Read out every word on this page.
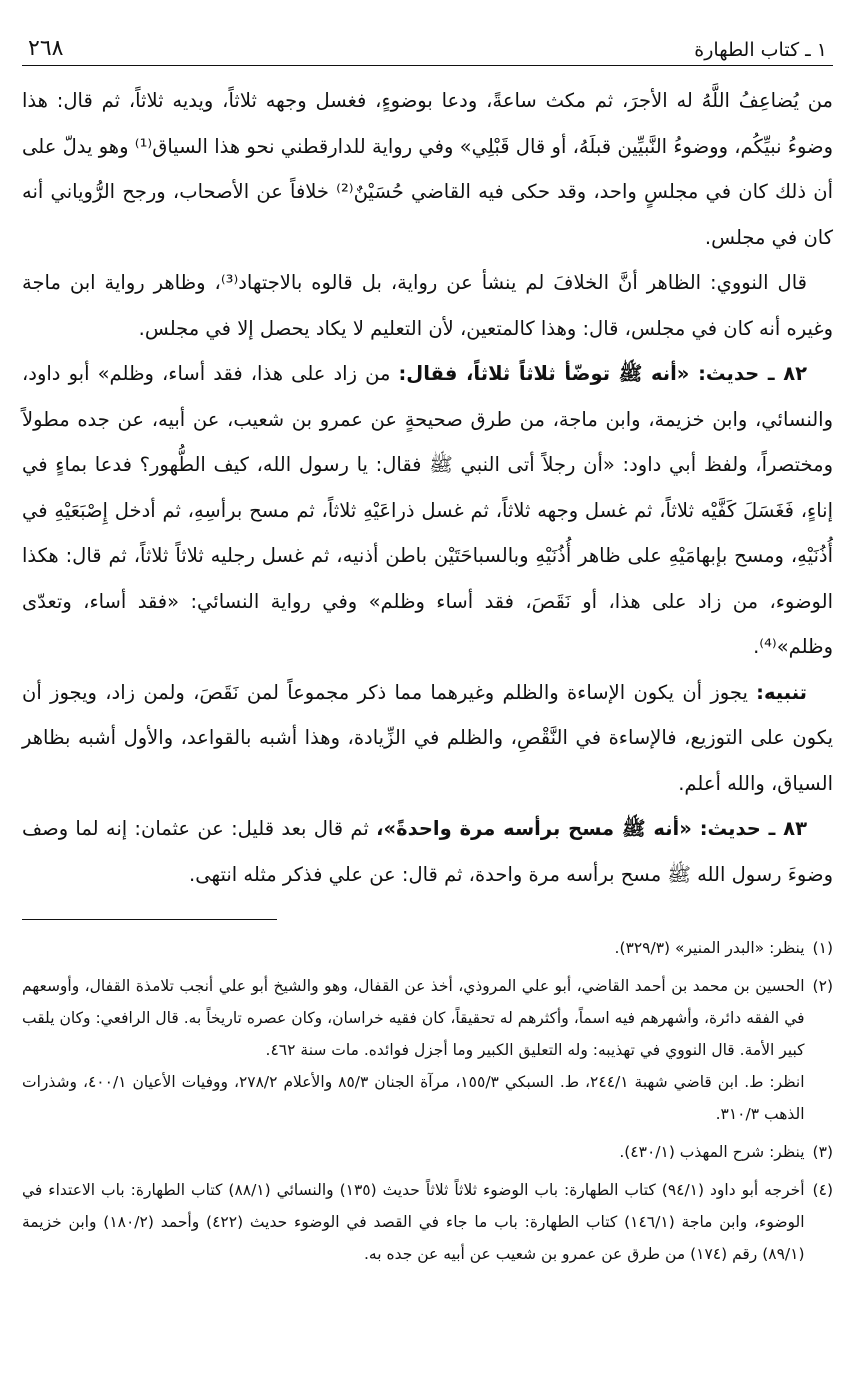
١ ـ كتاب الطهارة
٢٦٨

من يُضاعِفُ اللَّهُ له الأجرَ، ثم مكث ساعةً، ودعا بوضوءٍ، فغسل وجهه ثلاثاً، ويديه ثلاثاً، ثم قال: هذا وضوءُ نبيِّكُم، ووضوءُ النَّبيِّين قبلَهُ، أو قال قَبْلِي» وفي رواية للدارقطني نحو هذا السياق⁽¹⁾ وهو يدلّ على أن ذلك كان في مجلسٍ واحد، وقد حكى فيه القاضي حُسَيْنٌ⁽²⁾ خلافاً عن الأصحاب، ورجح الرُّوياني أنه كان في مجلس.

قال النووي: الظاهر أنَّ الخلافَ لم ينشأ عن رواية، بل قالوه بالاجتهاد⁽³⁾، وظاهر رواية ابن ماجة وغيره أنه كان في مجلس، قال: وهذا كالمتعين، لأن التعليم لا يكاد يحصل إلا في مجلس.

٨٢ ـ حديث: «أنه ﷺ توضّأ ثلاثاً ثلاثاً، فقال: من زاد على هذا، فقد أساء، وظلم» أبو داود، والنسائي، وابن خزيمة، وابن ماجة، من طرق صحيحةٍ عن عمرو بن شعيب، عن أبيه، عن جده مطولاً ومختصراً، ولفظ أبي داود: «أن رجلاً أتى النبي ﷺ فقال: يا رسول الله، كيف الطُّهور؟ فدعا بماءٍ في إناءٍ، فَغَسَلَ كَفَّيْه ثلاثاً، ثم غسل وجهه ثلاثاً، ثم غسل ذراعَيْهِ ثلاثاً، ثم مسح برأسِهِ، ثم أدخل إِصْبَعَيْهِ في أُذُنَيْهِ، ومسح بإبهامَيْهِ على ظاهر أُذُنَيْهِ وبالسباحَتَيْن باطن أذنيه، ثم غسل رجليه ثلاثاً ثلاثاً، ثم قال: هكذا الوضوء، من زاد على هذا، أو نَقَصَ، فقد أساء وظلم» وفي رواية النسائي: «فقد أساء، وتعدّى وظلم»⁽⁴⁾.

تنبيه: يجوز أن يكون الإساءة والظلم وغيرهما مما ذكر مجموعاً لمن نَقَصَ، ولمن زاد، ويجوز أن يكون على التوزيع، فالإساءة في النَّقْصِ، والظلم في الزِّيادة، وهذا أشبه بالقواعد، والأول أشبه بظاهر السياق، والله أعلم.

٨٣ ـ حديث: «أنه ﷺ مسح برأسه مرة واحدةً»، ثم قال بعد قليل: عن عثمان: إنه لما وصف وضوءَ رسول الله ﷺ مسح برأسه مرة واحدة، ثم قال: عن علي فذكر مثله انتهى.

(١)
ينظر: «البدر المنير» (٣٢٩/٣).
(٢)
الحسين بن محمد بن أحمد القاضي، أبو علي المروذي، أخذ عن القفال، وهو والشيخ أبو علي أنجب تلامذة القفال، وأوسعهم في الفقه دائرة، وأشهرهم فيه اسماً، وأكثرهم له تحقيقاً، كان فقيه خراسان، وكان عصره تاريخاً به. قال الرافعي: وكان يلقب كبير الأمة. قال النووي في تهذيبه: وله التعليق الكبير وما أجزل فوائده. مات سنة ٤٦٢.
انظر: ط. ابن قاضي شهبة ٢٤٤/١، ط. السبكي ١٥٥/٣، مرآة الجنان ٨٥/٣ والأعلام ٢٧٨/٢، ووفيات الأعيان ٤٠٠/١، وشذرات الذهب ٣١٠/٣.
(٣)
ينظر: شرح المهذب (٤٣٠/١).
(٤)
أخرجه أبو داود (٩٤/١) كتاب الطهارة: باب الوضوء ثلاثاً ثلاثاً حديث (١٣٥) والنسائي (٨٨/١) كتاب الطهارة: باب الاعتداء في الوضوء، وابن ماجة (١٤٦/١) كتاب الطهارة: باب ما جاء في القصد في الوضوء حديث (٤٢٢) وأحمد (١٨٠/٢) وابن خزيمة (٨٩/١) رقم (١٧٤) من طرق عن عمرو بن شعيب عن أبيه عن جده به.
